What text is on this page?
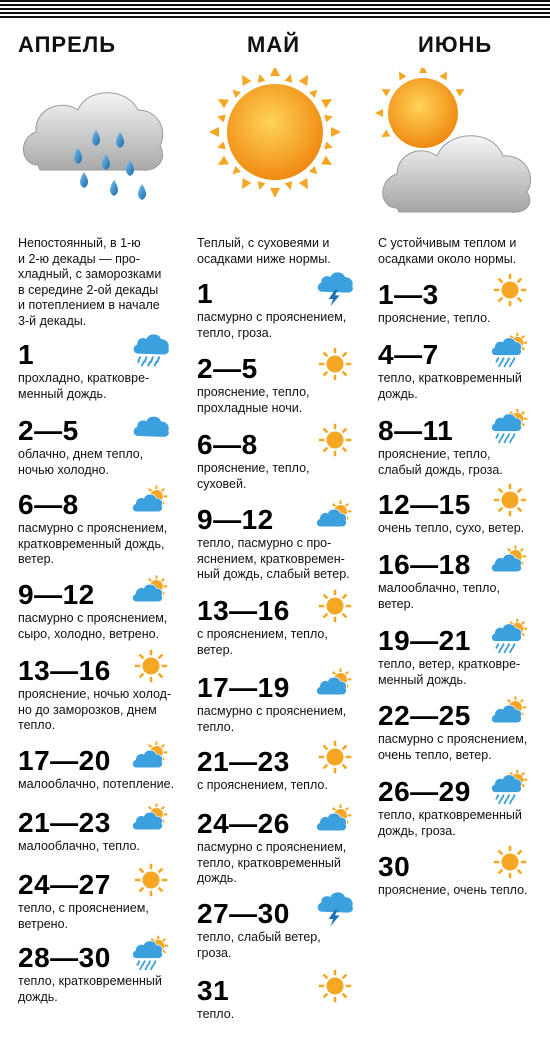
АПРЕЛЬ	МАЙ	ИЮНЬ
Непостоянный, в 1-ю
и 2-ю декады — про-
хладный, с заморозками
в середине 2-ой декады
и потеплением в начале
3-й декады.
Теплый, с суховеями и
осадками ниже нормы.
С устойчивым теплом и
осадками около нормы.
1
прохладно, кратковре-
менный дождь.
2—5
облачно, днем тепло,
ночью холодно.
6—8
пасмурно с прояснением,
кратковременный дождь,
ветер.
9—12
пасмурно с прояснением,
сыро, холодно, ветрено.
13—16
прояснение, ночью холод-
но до заморозков, днем
тепло.
17—20
малооблачно, потепление.
21—23
малооблачно, тепло.
24—27
тепло, с прояснением,
ветрено.
28—30
тепло, кратковременный
дождь.
1
пасмурно с прояснением,
тепло, гроза.
2—5
прояснение, тепло,
прохладные ночи.
6—8
прояснение, тепло,
суховей.
9—12
тепло, пасмурно с про-
яснением, кратковремен-
ный дождь, слабый ветер.
13—16
с прояснением, тепло,
ветер.
17—19
пасмурно с прояснением,
тепло.
21—23
с прояснением, тепло.
24—26
пасмурно с прояснением,
тепло, кратковременный
дождь.
27—30
тепло, слабый ветер,
гроза.
31
тепло.
1—3
прояснение, тепло.
4—7
тепло, кратковременный
дождь.
8—11
прояснение, тепло,
слабый дождь, гроза.
12—15
очень тепло, сухо, ветер.
16—18
малооблачно, тепло,
ветер.
19—21
тепло, ветер, кратковре-
менный дождь.
22—25
пасмурно с прояснением,
очень тепло, ветер.
26—29
тепло, кратковременный
дождь, гроза.
30
прояснение, очень тепло.
